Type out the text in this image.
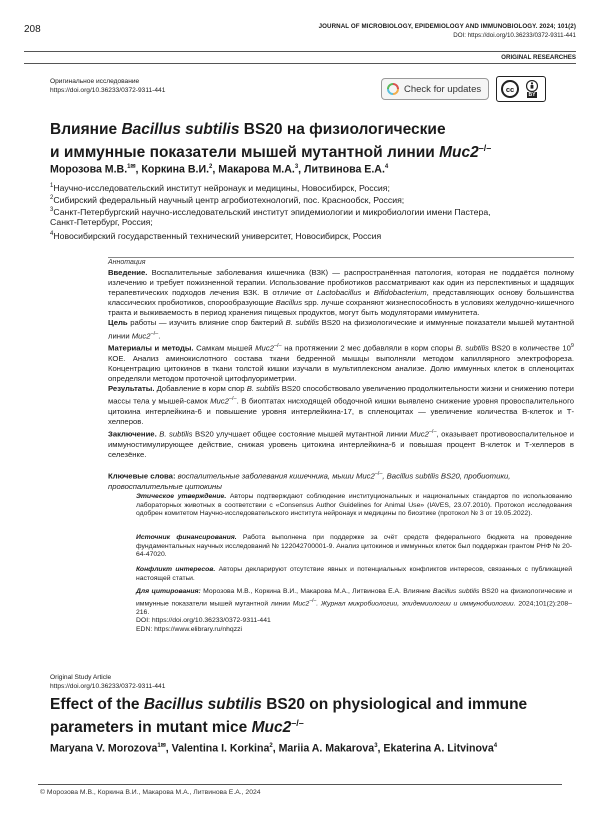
208	JOURNAL OF MICROBIOLOGY, EPIDEMIOLOGY AND IMMUNOBIOLOGY. 2024; 101(2)
DOI: https://doi.org/10.36233/0372-9311-441
ORIGINAL RESEARCHES
Оригинальное исследование
https://doi.org/10.36233/0372-9311-441	Check for updates	cc
BY
Влияние Bacillus subtilis BS20 на физиологические
и иммунные показатели мышей мутантной линии Muc2–/–
Морозова М.В.$^{1✉}$, Коркина В.И.$^2$, Макарова М.А.$^3$, Литвинова Е.А.$^4$
$^1$Научно-исследовательский институт нейронаук и медицины, Новосибирск, Россия;
$^2$Сибирский федеральный научный центр агробиотехнологий, пос. Краснообск, Россия;
$^3$Санкт-Петербургский научно-исследовательский институт эпидемиологии и микробиологии имени Пастера,
Санкт-Петербург, Россия;
$^4$Новосибирский государственный технический университет, Новосибирск, Россия
Аннотация

Введение. Воспалительные заболевания кишечника (ВЗК) — распространённая патология, которая не поддаётся полному излечению и требует пожизненной терапии. Использование пробиотиков рассматривают как один из перспективных и щадящих терапевтических подходов лечения ВЗК. В отличие от Lactobacillus и Bifidobacterium, представляющих основу большинства классических пробиотиков, спорообразующие Bacillus spp. лучше сохраняют жизнеспособность в условиях желудочно-кишечного тракта и выживаемость в период хранения пищевых продуктов, могут быть модуляторами иммунитета.

Цель работы — изучить влияние спор бактерий B. subtilis BS20 на физиологические и иммунные показатели мышей мутантной линии Muc2–/–.

Материалы и методы. Самкам мышей Muc2–/– на протяжении 2 мес добавляли в корм споры B. subtilis BS20 в количестве $10^9$ КОЕ. Анализ аминокислотного состава ткани бедренной мышцы выполняли методом капиллярного электрофореза. Концентрацию цитокинов в ткани толстой кишки изучали в мультиплексном анализе. Долю иммунных клеток в спленоцитах определяли методом проточной цитофлуориметрии.

Результаты. Добавление в корм спор B. subtilis BS20 способствовало увеличению продолжительности жизни и снижению потери массы тела у мышей-самок Muc2–/–. В биоптатах нисходящей ободочной кишки выявлено снижение уровня провоспалительного цитокина интерлейкина-6 и повышение уровня интерлейкина-17, в спленоцитах — увеличение количества В-клеток и Т-хелперов.

Заключение. B. subtilis BS20 улучшает общее состояние мышей мутантной линии Muc2–/–, оказывает противовоспалительное и иммуностимулирующее действие, снижая уровень цитокина интерлейкина-6 и повышая процент В-клеток и Т-хелперов в селезёнке.

Ключевые слова: воспалительные заболевания кишечника, мыши Muc2–/–, Bacillus subtilis BS20, пробиотики, провоспалительные цитокины

Этическое утверждение. Авторы подтверждают соблюдение институциональных и национальных стандартов по использованию лабораторных животных в соответствии с «Consensus Author Guidelines for Animal Use» (IAVES, 23.07.2010). Протокол исследования одобрен комитетом Научно-исследовательского института нейронаук и медицины по биоэтике (протокол № 3 от 19.05.2022).

Источник финансирования. Работа выполнена при поддержке за счёт средств федерального бюджета на проведение фундаментальных научных исследований № 122042700001-9. Анализ цитокинов и иммунных клеток был поддержан грантом РНФ № 20-64-47020.

Конфликт интересов. Авторы декларируют отсутствие явных и потенциальных конфликтов интересов, связанных с публикацией настоящей статьи.

Для цитирования: Морозова М.В., Коркина В.И., Макарова М.А., Литвинова Е.А. Влияние Bacillus subtilis BS20 на физиологические и иммунные показатели мышей мутантной линии Muc2–/–. Журнал микробиологии, эпидемиологии и иммунобиологии. 2024;101(2):208–216.

DOI: https://doi.org/10.36233/0372-9311-441

EDN: https://www.elibrary.ru/nhqzzi

Original Study Article
https://doi.org/10.36233/0372-9311-441
Effect of the Bacillus subtilis BS20 on physiological and immune
parameters in mutant mice Muc2–/–
Maryana V. Morozova$^{1✉}$, Valentina I. Korkina$^2$, Mariia A. Makarova$^3$, Ekaterina A. Litvinova$^4$
© Морозова М.В., Коркина В.И., Макарова М.А., Литвинова Е.А., 2024
